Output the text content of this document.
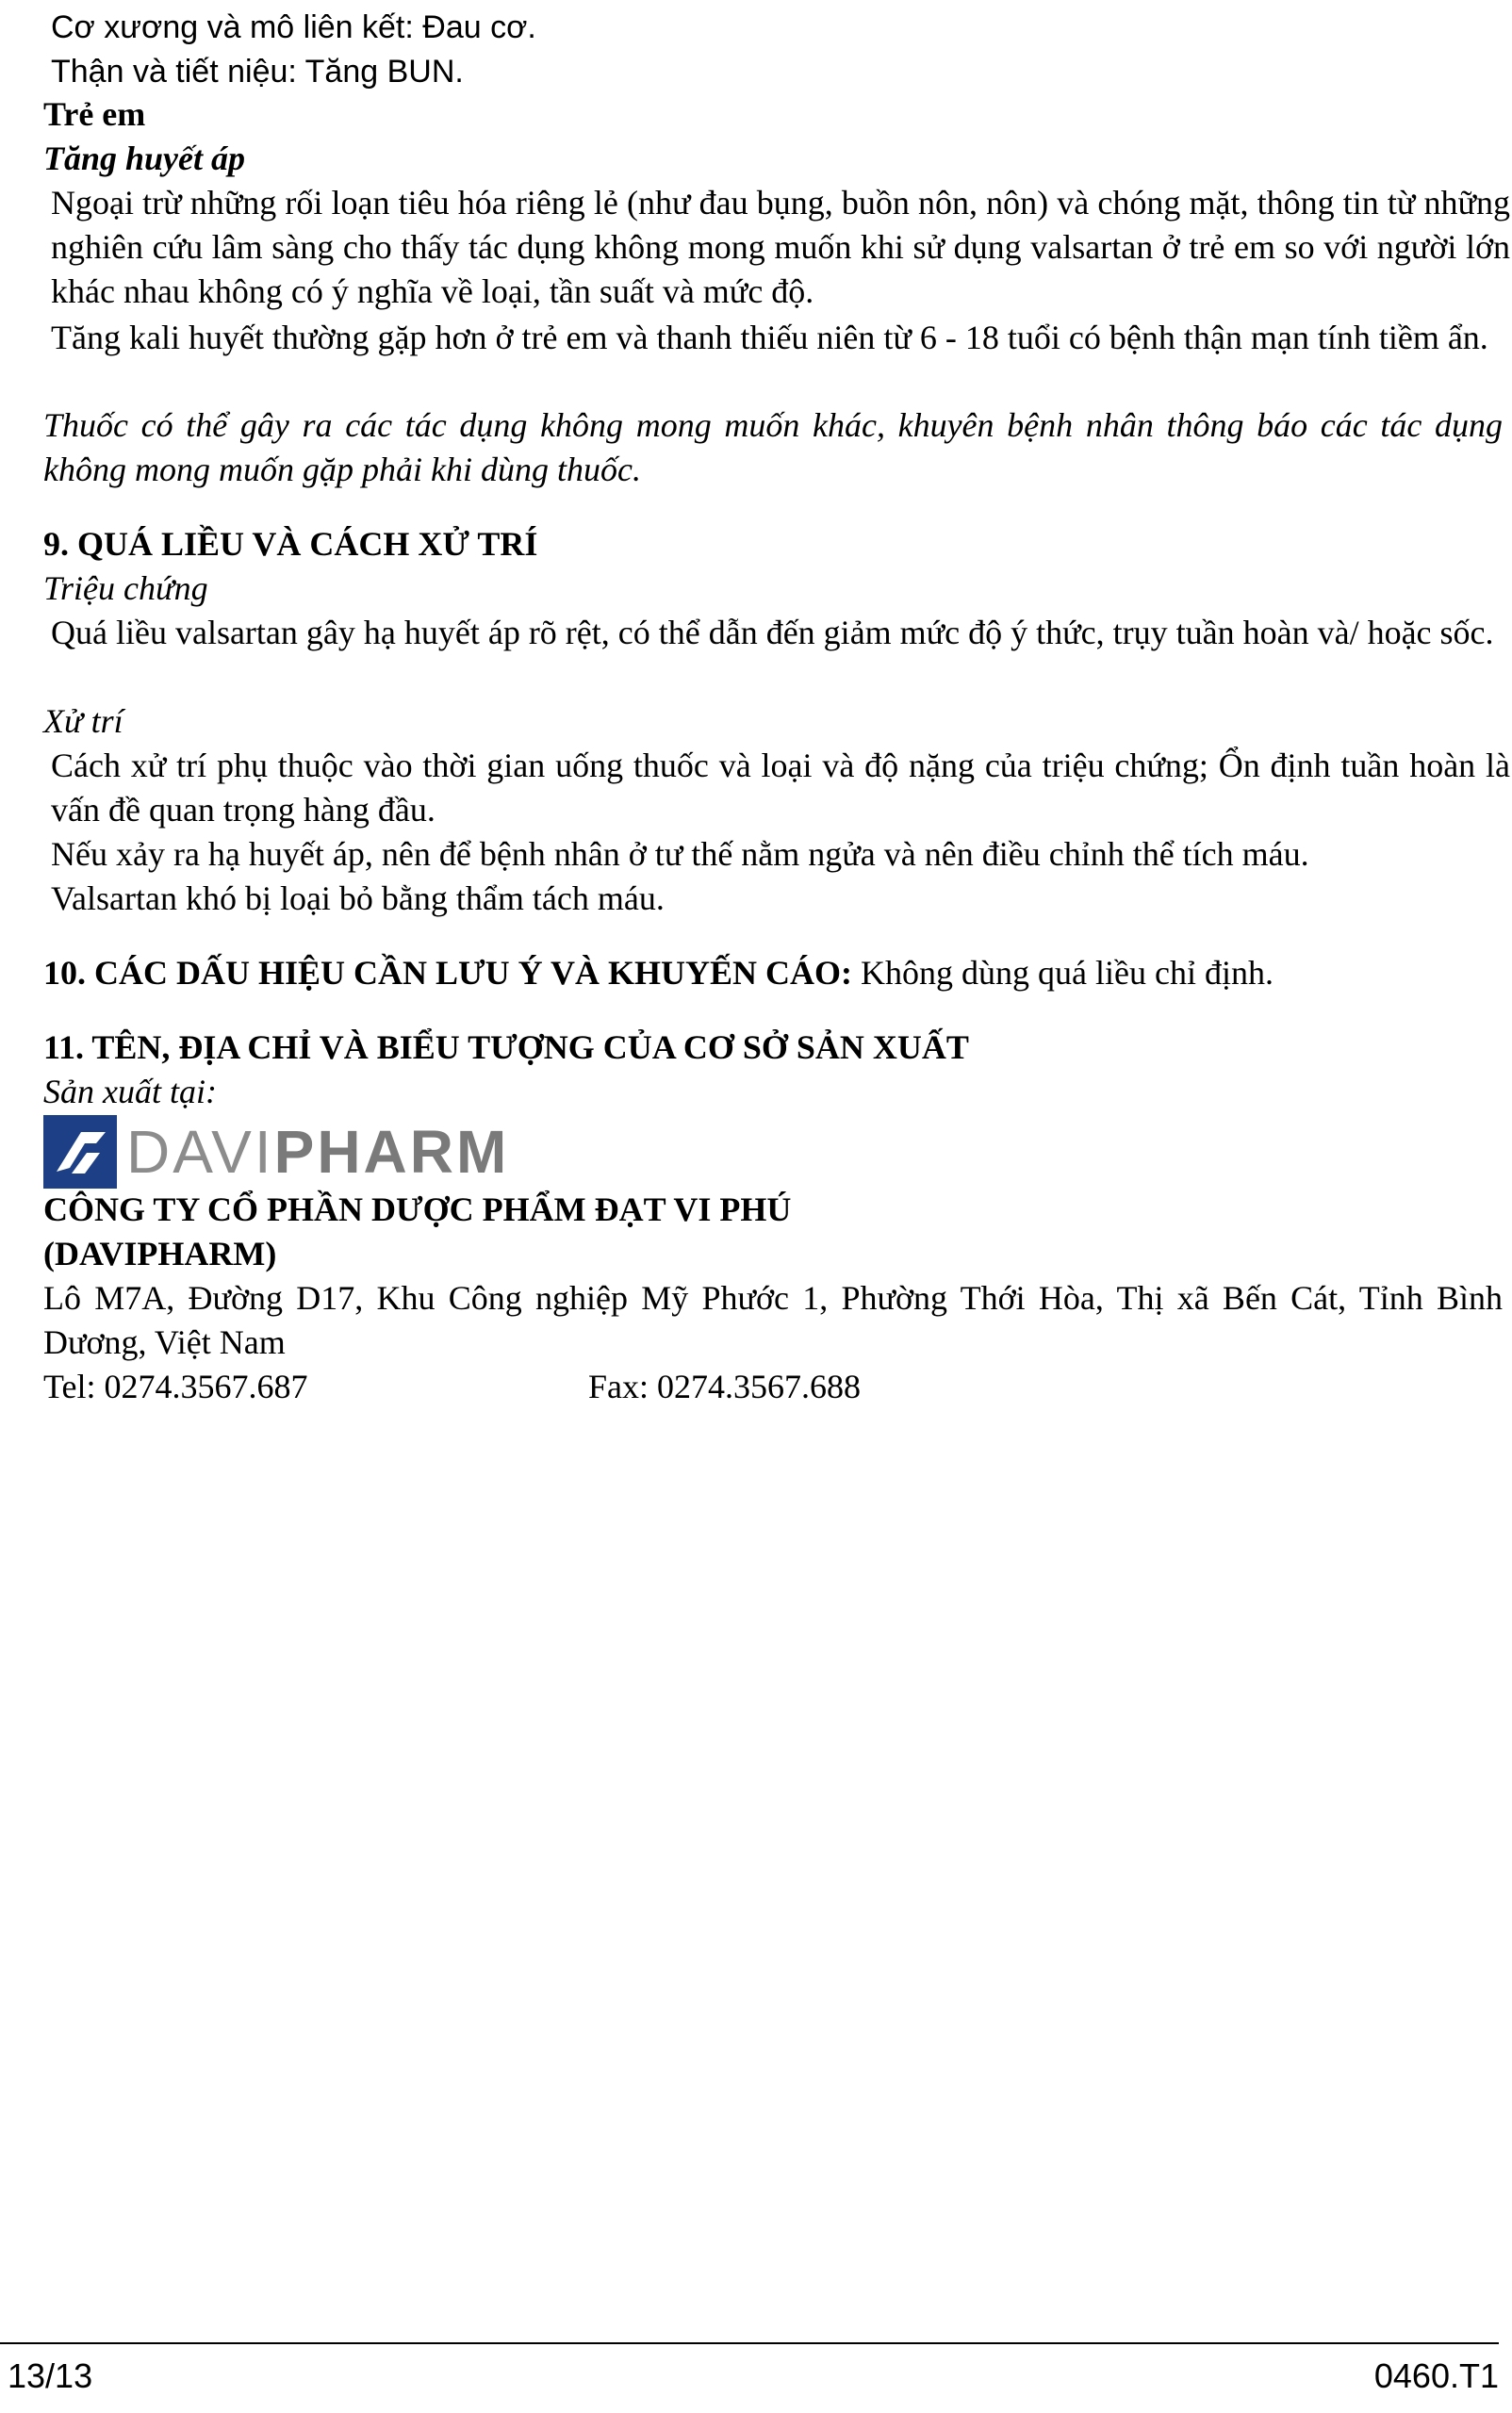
Cơ xương và mô liên kết: Đau cơ.
Thận và tiết niệu: Tăng BUN.
Trẻ em
Tăng huyết áp

Ngoại trừ những rối loạn tiêu hóa riêng lẻ (như đau bụng, buồn nôn, nôn) và chóng mặt, thông tin từ những nghiên cứu lâm sàng cho thấy tác dụng không mong muốn khi sử dụng valsartan ở trẻ em so với người lớn khác nhau không có ý nghĩa về loại, tần suất và mức độ.

Tăng kali huyết thường gặp hơn ở trẻ em và thanh thiếu niên từ 6 - 18 tuổi có bệnh thận mạn tính tiềm ẩn.

Thuốc có thể gây ra các tác dụng không mong muốn khác, khuyên bệnh nhân thông báo các tác dụng không mong muốn gặp phải khi dùng thuốc.

9. QUÁ LIỀU VÀ CÁCH XỬ TRÍ
Triệu chứng

Quá liều valsartan gây hạ huyết áp rõ rệt, có thể dẫn đến giảm mức độ ý thức, trụy tuần hoàn và/ hoặc sốc.

Xử trí

Cách xử trí phụ thuộc vào thời gian uống thuốc và loại và độ nặng của triệu chứng; Ổn định tuần hoàn là vấn đề quan trọng hàng đầu.

Nếu xảy ra hạ huyết áp, nên để bệnh nhân ở tư thế nằm ngửa và nên điều chỉnh thể tích máu.

Valsartan khó bị loại bỏ bằng thẩm tách máu.

10. CÁC DẤU HIỆU CẦN LƯU Ý VÀ KHUYẾN CÁO: Không dùng quá liều chỉ định.
11. TÊN, ĐỊA CHỈ VÀ BIỂU TƯỢNG CỦA CƠ SỞ SẢN XUẤT
Sản xuất tại:
DAVIPHARM
CÔNG TY CỔ PHẦN DƯỢC PHẨM ĐẠT VI PHÚ
(DAVIPHARM)

Lô M7A, Đường D17, Khu Công nghiệp Mỹ Phước 1, Phường Thới Hòa, Thị xã Bến Cát, Tỉnh Bình Dương, Việt Nam

Tel: 0274.3567.687	Fax: 0274.3567.688
13/13	0460.T1
